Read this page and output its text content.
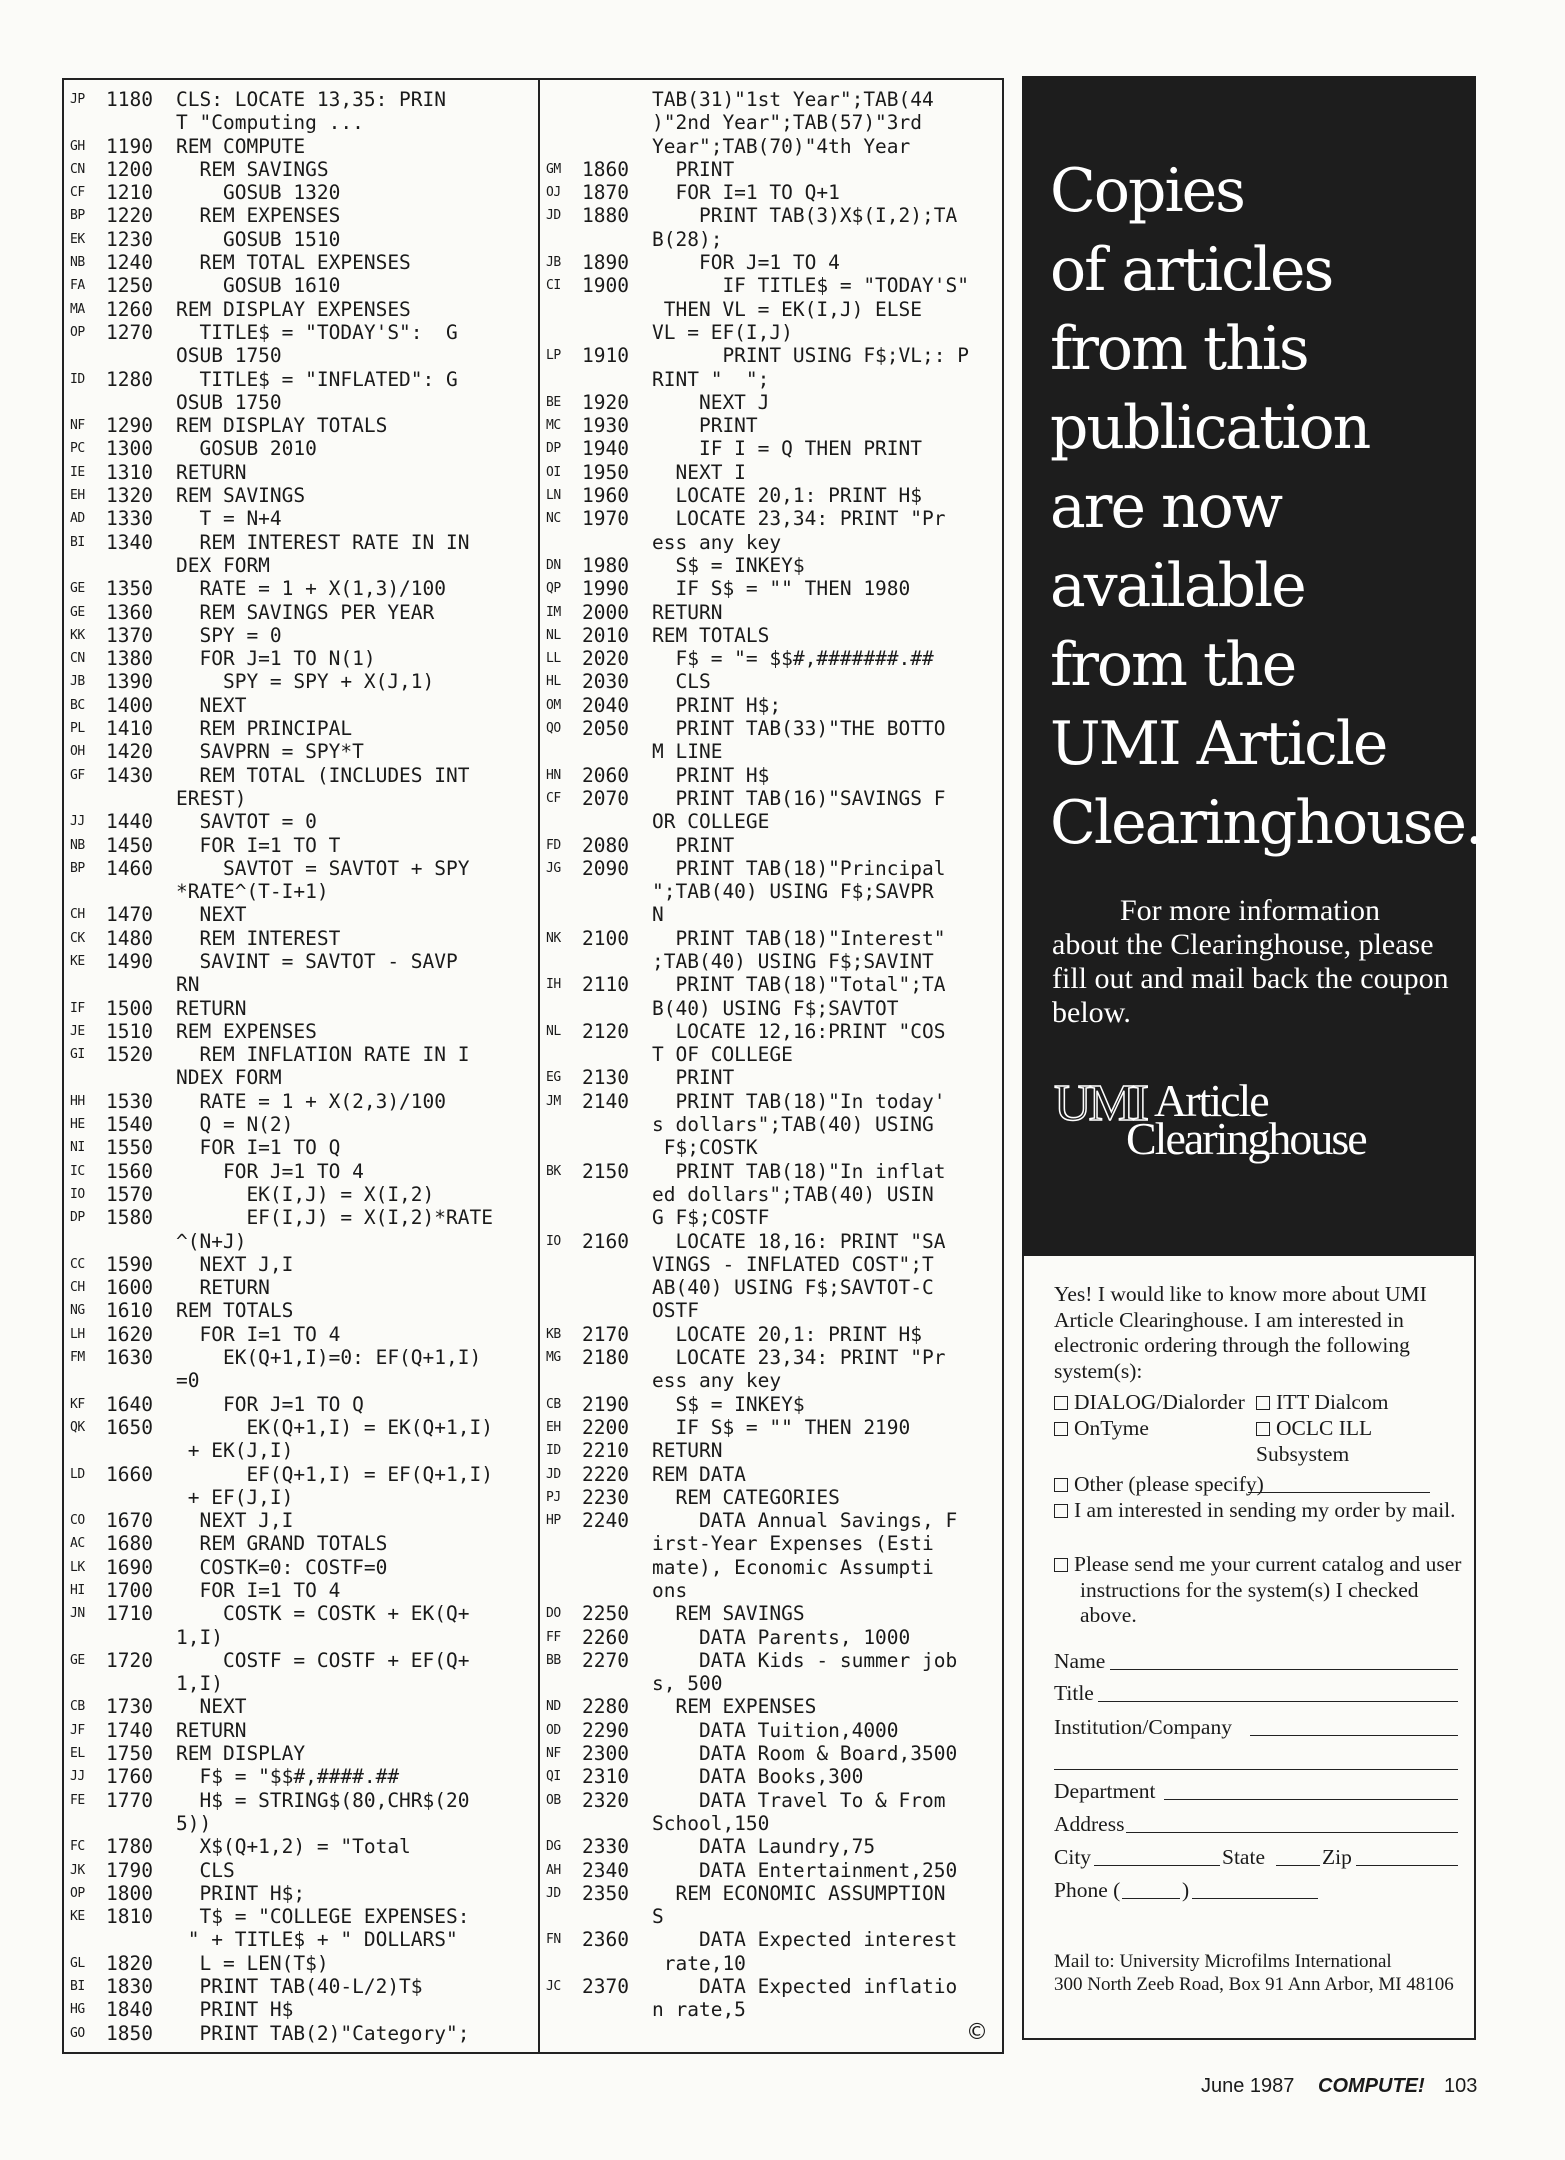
JP	1180	CLS: LOCATE 13,35: PRIN
T "Computing ...
GH	1190	REM COMPUTE
CN	1200	REM SAVINGS
CF	1210	GOSUB 1320
BP	1220	REM EXPENSES
EK	1230	GOSUB 1510
NB	1240	REM TOTAL EXPENSES
FA	1250	GOSUB 1610
MA	1260	REM DISPLAY EXPENSES
OP	1270	TITLE$ = "TODAY'S":  G
OSUB 1750
ID	1280	TITLE$ = "INFLATED": G
OSUB 1750
NF	1290	REM DISPLAY TOTALS
PC	1300	GOSUB 2010
IE	1310	RETURN
EH	1320	REM SAVINGS
AD	1330	T = N+4
BI	1340	REM INTEREST RATE IN IN
DEX FORM
GE	1350	RATE = 1 + X(1,3)/100
GE	1360	REM SAVINGS PER YEAR
KK	1370	SPY = 0
CN	1380	FOR J=1 TO N(1)
JB	1390	SPY = SPY + X(J,1)
BC	1400	NEXT
PL	1410	REM PRINCIPAL
OH	1420	SAVPRN = SPY*T
GF	1430	REM TOTAL (INCLUDES INT
EREST)
JJ	1440	SAVTOT = 0
NB	1450	FOR I=1 TO T
BP	1460	SAVTOT = SAVTOT + SPY
*RATE^(T-I+1)
CH	1470	NEXT
CK	1480	REM INTEREST
KE	1490	SAVINT = SAVTOT - SAVP
RN
IF	1500	RETURN
JE	1510	REM EXPENSES
GI	1520	REM INFLATION RATE IN I
NDEX FORM
HH	1530	RATE = 1 + X(2,3)/100
HE	1540	Q = N(2)
NI	1550	FOR I=1 TO Q
IC	1560	FOR J=1 TO 4
IO	1570	EK(I,J) = X(I,2)
DP	1580	EF(I,J) = X(I,2)*RATE
^(N+J)
CC	1590	NEXT J,I
CH	1600	RETURN
NG	1610	REM TOTALS
LH	1620	FOR I=1 TO 4
FM	1630	EK(Q+1,I)=0: EF(Q+1,I)
=0
KF	1640	FOR J=1 TO Q
QK	1650	EK(Q+1,I) = EK(Q+1,I)
+ EK(J,I)
LD	1660	EF(Q+1,I) = EF(Q+1,I)
+ EF(J,I)
CO	1670	NEXT J,I
AC	1680	REM GRAND TOTALS
LK	1690	COSTK=0: COSTF=0
HI	1700	FOR I=1 TO 4
JN	1710	COSTK = COSTK + EK(Q+
1,I)
GE	1720	COSTF = COSTF + EF(Q+
1,I)
CB	1730	NEXT
JF	1740	RETURN
EL	1750	REM DISPLAY
JJ	1760	F$ = "$$#,####.##
FE	1770	H$ = STRING$(80,CHR$(20
5))
FC	1780	X$(Q+1,2) = "Total
JK	1790	CLS
OP	1800	PRINT H$;
KE	1810	T$ = "COLLEGE EXPENSES:
" + TITLE$ + " DOLLARS"
GL	1820	L = LEN(T$)
BI	1830	PRINT TAB(40-L/2)T$
HG	1840	PRINT H$
GO	1850	PRINT TAB(2)"Category";
TAB(31)"1st Year";TAB(44
)"2nd Year";TAB(57)"3rd
Year";TAB(70)"4th Year
GM	1860	PRINT
OJ	1870	FOR I=1 TO Q+1
JD	1880	PRINT TAB(3)X$(I,2);TA
B(28);
JB	1890	FOR J=1 TO 4
CI	1900	IF TITLE$ = "TODAY'S"
THEN VL = EK(I,J) ELSE
VL = EF(I,J)
LP	1910	PRINT USING F$;VL;: P
RINT "  ";
BE	1920	NEXT J
MC	1930	PRINT
DP	1940	IF I = Q THEN PRINT
OI	1950	NEXT I
LN	1960	LOCATE 20,1: PRINT H$
NC	1970	LOCATE 23,34: PRINT "Pr
ess any key
DN	1980	S$ = INKEY$
QP	1990	IF S$ = "" THEN 1980
IM	2000	RETURN
NL	2010	REM TOTALS
LL	2020	F$ = "= $$#,#######.##
HL	2030	CLS
OM	2040	PRINT H$;
QO	2050	PRINT TAB(33)"THE BOTTO
M LINE
HN	2060	PRINT H$
CF	2070	PRINT TAB(16)"SAVINGS F
OR COLLEGE
FD	2080	PRINT
JG	2090	PRINT TAB(18)"Principal
";TAB(40) USING F$;SAVPR
N
NK	2100	PRINT TAB(18)"Interest"
;TAB(40) USING F$;SAVINT
IH	2110	PRINT TAB(18)"Total";TA
B(40) USING F$;SAVTOT
NL	2120	LOCATE 12,16:PRINT "COS
T OF COLLEGE
EG	2130	PRINT
JM	2140	PRINT TAB(18)"In today'
s dollars";TAB(40) USING
F$;COSTK
BK	2150	PRINT TAB(18)"In inflat
ed dollars";TAB(40) USIN
G F$;COSTF
IO	2160	LOCATE 18,16: PRINT "SA
VINGS - INFLATED COST";T
AB(40) USING F$;SAVTOT-C
OSTF
KB	2170	LOCATE 20,1: PRINT H$
MG	2180	LOCATE 23,34: PRINT "Pr
ess any key
CB	2190	S$ = INKEY$
EH	2200	IF S$ = "" THEN 2190
ID	2210	RETURN
JD	2220	REM DATA
PJ	2230	REM CATEGORIES
HP	2240	DATA Annual Savings, F
irst-Year Expenses (Esti
mate), Economic Assumpti
ons
DO	2250	REM SAVINGS
FF	2260	DATA Parents, 1000
BB	2270	DATA Kids - summer job
s, 500
ND	2280	REM EXPENSES
OD	2290	DATA Tuition,4000
NF	2300	DATA Room & Board,3500
QI	2310	DATA Books,300
OB	2320	DATA Travel To & From
School,150
DG	2330	DATA Laundry,75
AH	2340	DATA Entertainment,250
JD	2350	REM ECONOMIC ASSUMPTION
S
FN	2360	DATA Expected interest
rate,10
JC	2370	DATA Expected inflatio
n rate,5
©
Copies
of articles
from this
publication
are now
available
from the
UMI Article
Clearinghouse.
For more information about the Clearinghouse, please fill out and mail back the coupon below.
UMI Article
Clearinghouse
Yes! I would like to know more about UMI Article Clearinghouse. I am interested in electronic ordering through the following system(s):
DIALOG/Dialorder	ITT Dialcom
OnTyme	OCLC ILL Subsystem
Other (please specify)
I am interested in sending my order by mail.
Please send me your current catalog and user instructions for the system(s) I checked above.
Name
Title
Institution/Company
Department
Address
City	State	Zip
Phone (	)
Mail to: University Microfilms International
300 North Zeeb Road, Box 91 Ann Arbor, MI 48106
June 1987 COMPUTE! 103
